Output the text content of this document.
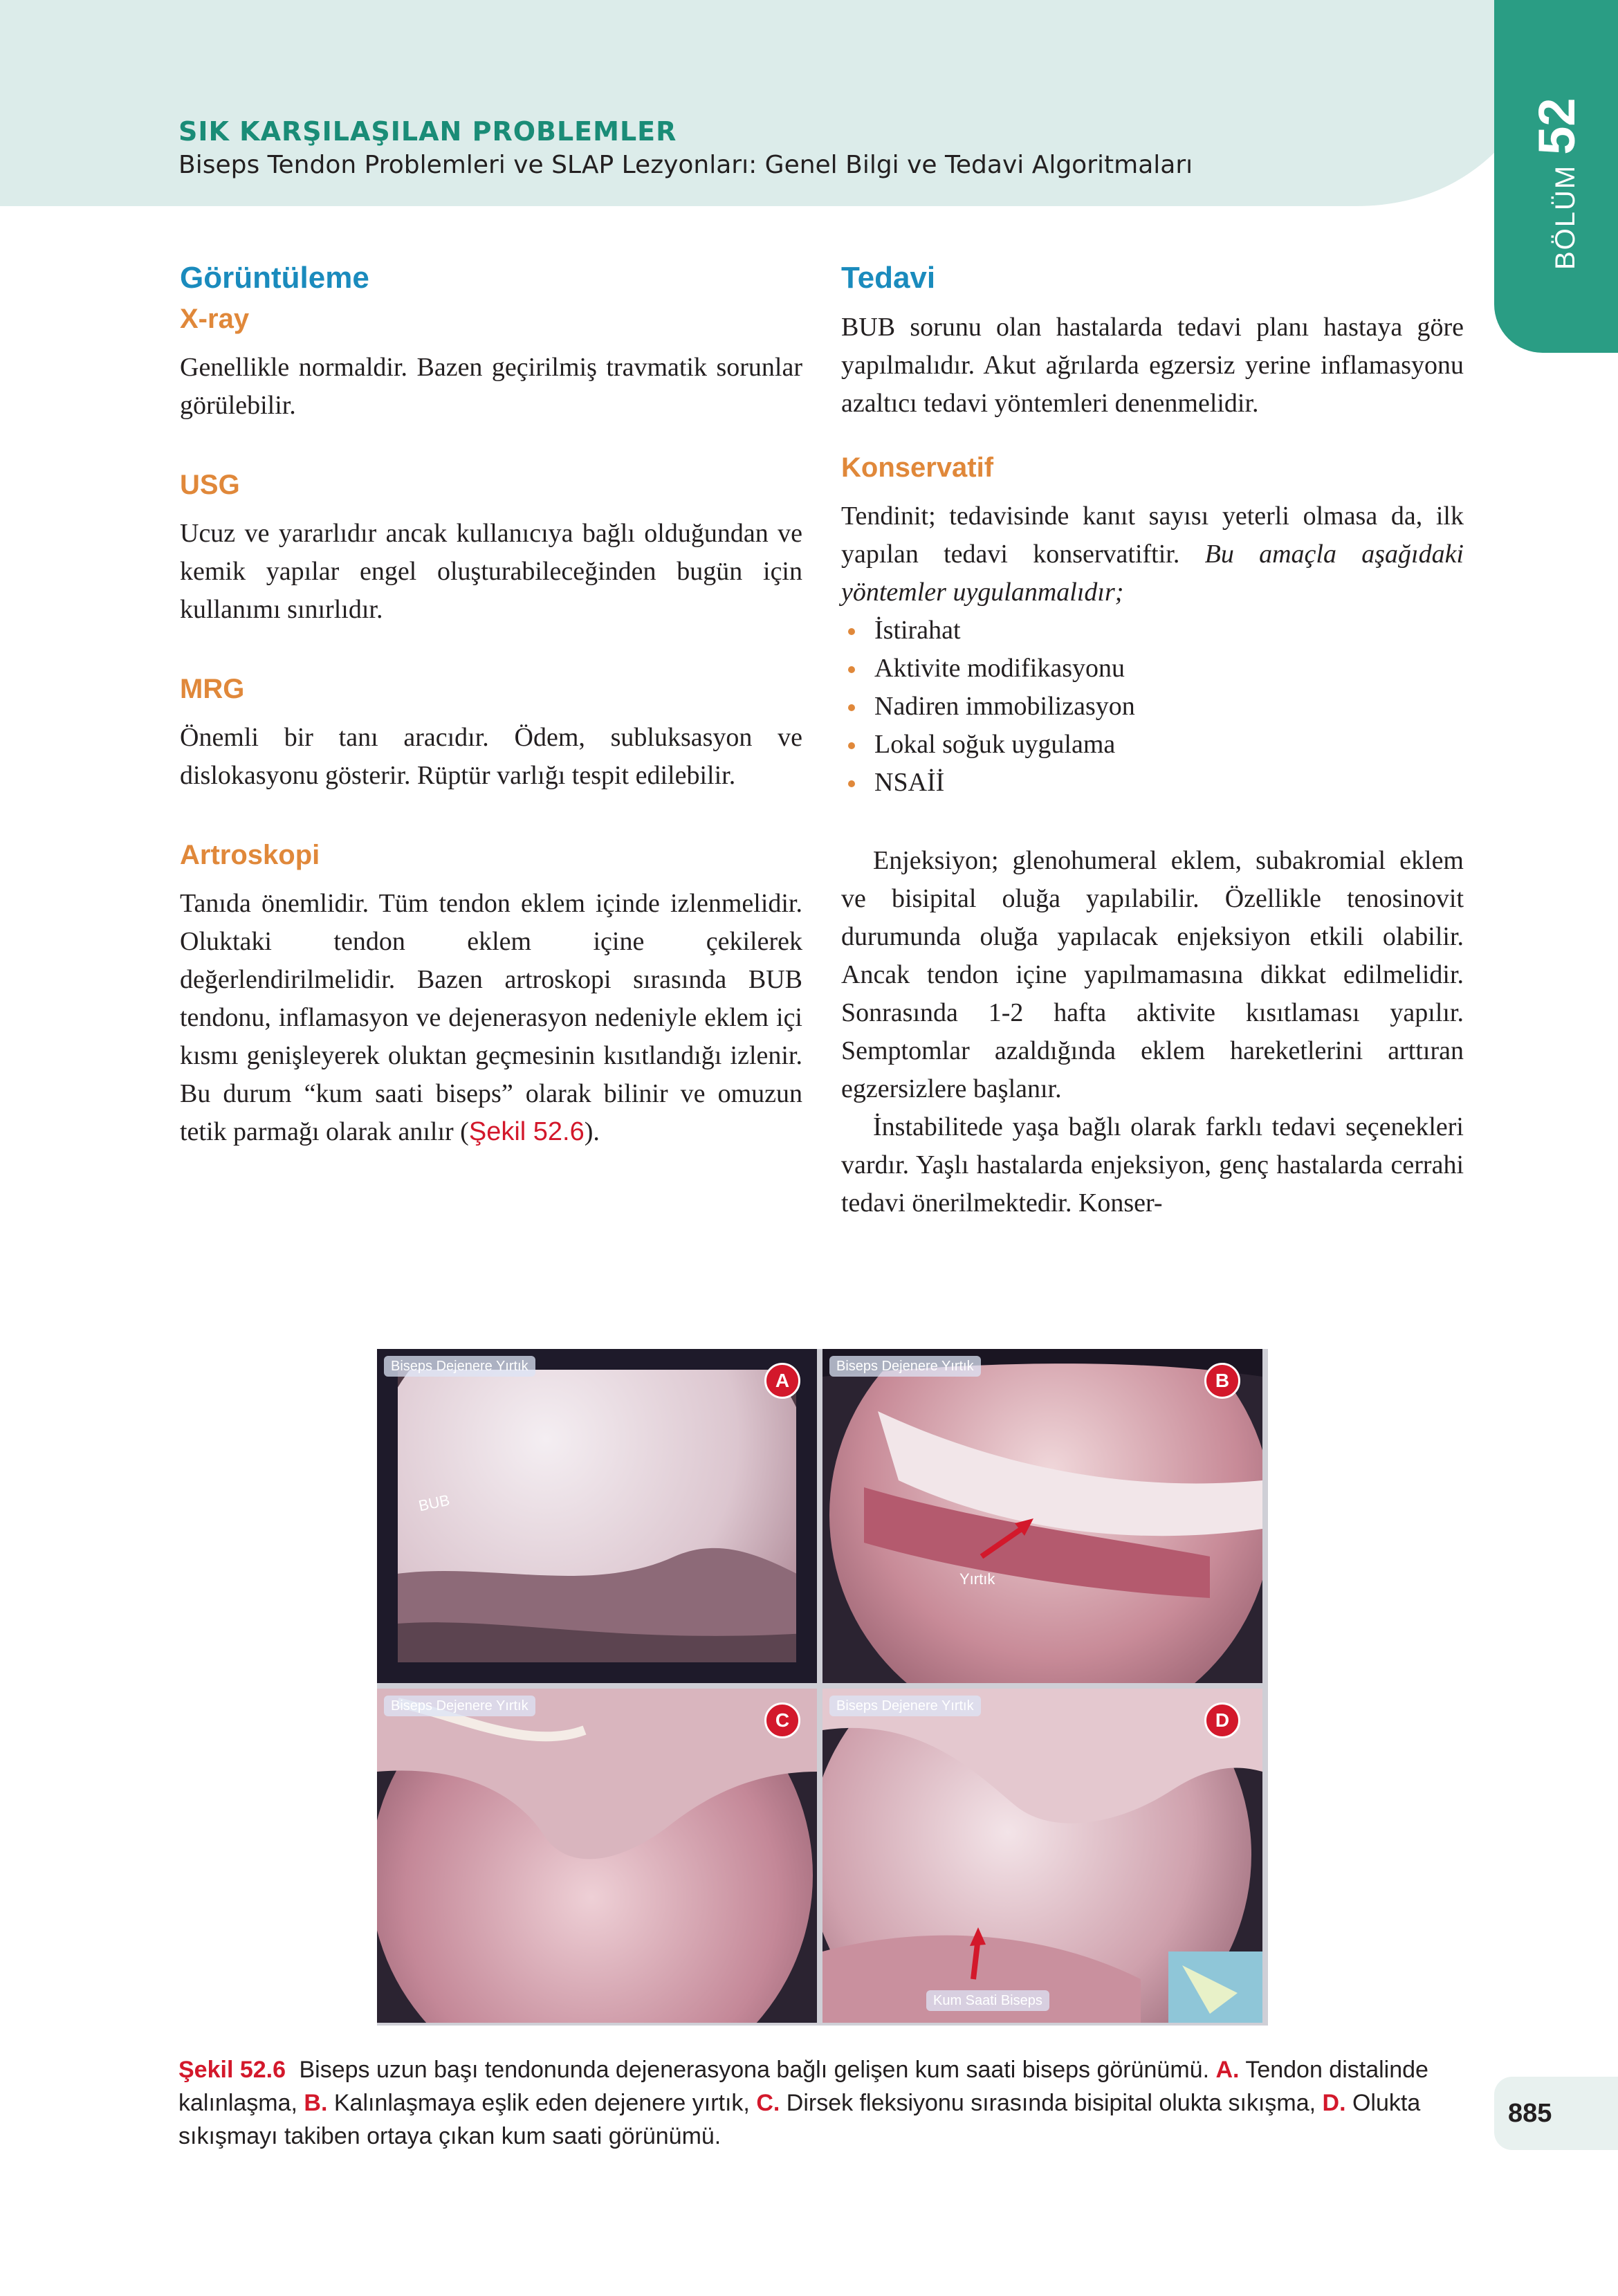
SIK KARŞILAŞILAN PROBLEMLER
Biseps Tendon Problemleri ve SLAP Lezyonları: Genel Bilgi ve Tedavi Algoritmaları	BÖLÜM52
Görüntüleme
X-ray

Genellikle normaldir. Bazen geçirilmiş travmatik sorunlar görülebilir.

USG

Ucuz ve yararlıdır ancak kullanıcıya bağlı olduğundan ve kemik yapılar engel oluşturabileceğinden bugün için kullanımı sınırlıdır.

MRG

Önemli bir tanı aracıdır. Ödem, subluksasyon ve dislokasyonu gösterir. Rüptür varlığı tespit edilebilir.

Artroskopi

Tanıda önemlidir. Tüm tendon eklem içinde izlenmelidir. Oluktaki tendon eklem içine çekilerek değerlendirilmelidir. Bazen artroskopi sırasında BUB tendonu, inflamasyon ve dejenerasyon nedeniyle eklem içi kısmı genişleyerek oluktan geçmesinin kısıtlandığı izlenir. Bu durum “kum saati biseps” olarak bilinir ve omuzun tetik parmağı olarak anılır (Şekil 52.6).

Tedavi

BUB sorunu olan hastalarda tedavi planı hastaya göre yapılmalıdır. Akut ağrılarda egzersiz yerine inflamasyonu azaltıcı tedavi yöntemleri denenmelidir.

Konservatif

Tendinit; tedavisinde kanıt sayısı yeterli olmasa da, ilk yapılan tedavi konservatiftir. Bu amaçla aşağıdaki yöntemler uygulanmalıdır;

İstirahat
Aktivite modifikasyonu
Nadiren immobilizasyon
Lokal soğuk uygulama
NSAİİ

Enjeksiyon; glenohumeral eklem, subakromial eklem ve bisipital oluğa yapılabilir. Özellikle tenosinovit durumunda oluğa yapılacak enjeksiyon etkili olabilir. Ancak tendon içine yapılmamasına dikkat edilmelidir. Sonrasında 1-2 hafta aktivite kısıtlaması yapılır. Semptomlar azaldığında eklem hareketlerini arttıran egzersizlere başlanır.

İnstabilitede yaşa bağlı olarak farklı tedavi seçenekleri vardır. Yaşlı hastalarda enjeksiyon, genç hastalarda cerrahi tedavi önerilmektedir. Konser-

Biseps Dejenere Yırtık
A
BUB
Biseps Dejenere Yırtık
B
Yırtık
Biseps Dejenere Yırtık
C
Biseps Dejenere Yırtık
D
Kum Saati Biseps
Şekil 52.6 Biseps uzun başı tendonunda dejenerasyona bağlı gelişen kum saati biseps görünümü. A. Tendon distalinde kalınlaşma, B. Kalınlaşmaya eşlik eden dejenere yırtık, C. Dirsek fleksiyonu sırasında bisipital olukta sıkışma, D. Olukta sıkışmayı takiben ortaya çıkan kum saati görünümü.
885
